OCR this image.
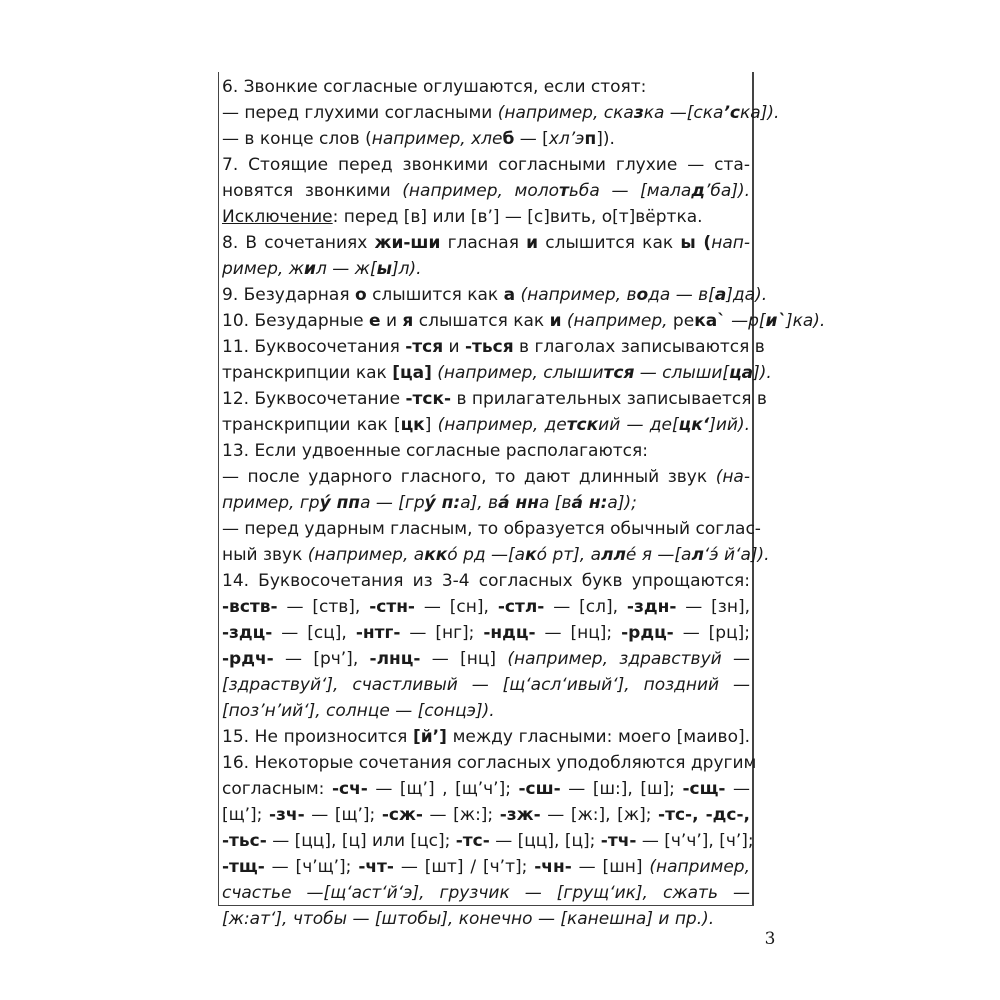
6. Звонкие согласные оглушаются, если стоят:
— перед глухими согласными (например, сказка —[ска’ска]).
— в конце слов (например, хлеб — [хл’эп]).
7. Стоящие перед звонкими согласными глухие — ста-
новятся звонкими (например, молотьба — [малад’ба]).
Исключение: перед [в] или [в’] — [с]вить, о[т]вёртка.
8. В сочетаниях жи-ши гласная и слышится как ы (нап-
ример, жил — ж[ы]л).
9. Безударная о слышится как а (например, вода — в[а]да).
10. Безударные е и я слышатся как и (например, река` —р[и`]ка).
11. Буквосочетания -тся и -ться в глаголах записываются в
транскрипции как [ца] (например, слышится — слыши[ца]).
12. Буквосочетание -тск- в прилагательных записывается в
транскрипции как [цк] (например, детский — де[цк‘]ий).
13. Если удвоенные согласные располагаются:
— после ударного гласного, то дают длинный звук (на-
пример, гру́ ппа — [гру́ п:а], ва́ нна [ва́ н:а]);
— перед ударным гласным, то образуется обычный соглас-
ный звук (например, акко́ рд —[ако́ рт], алле́ я —[ал‘э́ й‘а]).
14. Буквосочетания из 3-4 согласных букв упрощаются:
-вств- — [ств], -стн- — [сн], -стл- — [сл], -здн- — [зн],
-здц- — [сц], -нтг- — [нг]; -ндц- — [нц]; -рдц- — [рц];
-рдч- — [рч’], -лнц- — [нц] (например, здравствуй —
[здраствуй‘], счастливый — [щ‘асл‘ивый‘], поздний —
[поз’н’ий‘], солнце — [сонцэ]).
15. Не произносится [й’] между гласными: моего [маиво].
16. Некоторые сочетания согласных уподобляются другим
согласным: -сч- — [щ’] , [щ’ч’]; -сш- — [ш:], [ш]; -сщ- —
[щ’]; -зч- — [щ’]; -сж- — [ж:]; -зж- — [ж:], [ж]; -тс-, -дс-,
-тьс- — [цц], [ц] или [цс]; -тс- — [цц], [ц]; -тч- — [ч’ч’], [ч’];
-тщ- — [ч’щ’]; -чт- — [шт] / [ч’т]; -чн- — [шн] (например,
счастье —[щ‘аст‘й‘э], грузчик — [грущ‘ик], сжать —
[ж:ат‘], чтобы — [штобы], конечно — [канешна] и пр.).
3
